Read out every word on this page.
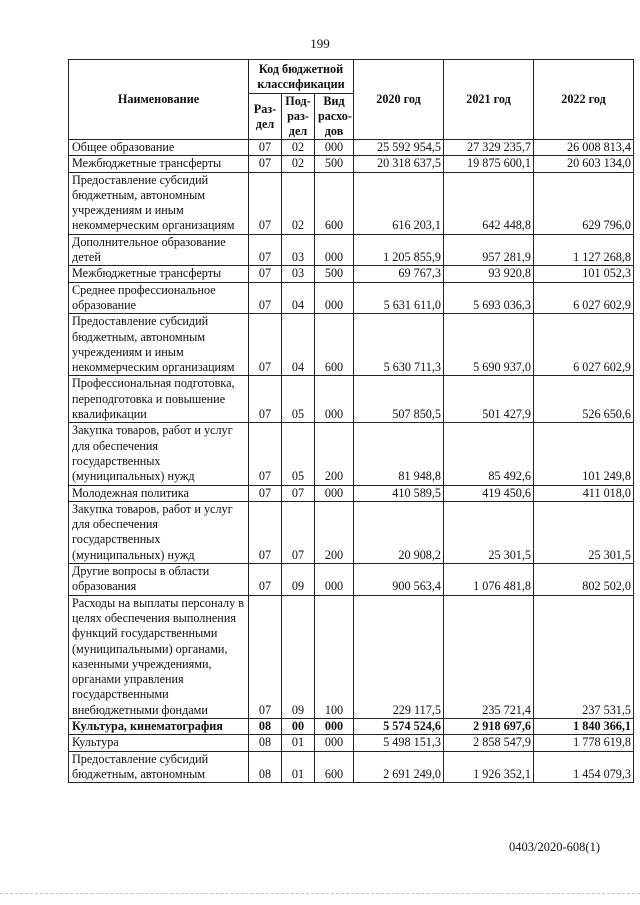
199
Наименование	Код бюджетной классификации			2020 год	2021 год	2022 год
	Раз-дел	Под-раз-дел	Вид расхо-дов			
Общее образование	07	02	000	25 592 954,5	27 329 235,7	26 008 813,4
Межбюджетные трансферты	07	02	500	20 318 637,5	19 875 600,1	20 603 134,0
Предоставление субсидий бюджетным, автономным учреждениям и иным некоммерческим организациям	07	02	600	616 203,1	642 448,8	629 796,0
Дополнительное образование детей	07	03	000	1 205 855,9	957 281,9	1 127 268,8
Межбюджетные трансферты	07	03	500	69 767,3	93 920,8	101 052,3
Среднее профессиональное образование	07	04	000	5 631 611,0	5 693 036,3	6 027 602,9
Предоставление субсидий бюджетным, автономным учреждениям и иным некоммерческим организациям	07	04	600	5 630 711,3	5 690 937,0	6 027 602,9
Профессиональная подготовка, переподготовка и повышение квалификации	07	05	000	507 850,5	501 427,9	526 650,6
Закупка товаров, работ и услуг для обеспечения государственных (муниципальных) нужд	07	05	200	81 948,8	85 492,6	101 249,8
Молодежная политика	07	07	000	410 589,5	419 450,6	411 018,0
Закупка товаров, работ и услуг для обеспечения государственных (муниципальных) нужд	07	07	200	20 908,2	25 301,5	25 301,5
Другие вопросы в области образования	07	09	000	900 563,4	1 076 481,8	802 502,0
Расходы на выплаты персоналу в целях обеспечения выполнения функций государственными (муниципальными) органами, казенными учреждениями, органами управления государственными внебюджетными фондами	07	09	100	229 117,5	235 721,4	237 531,5
Культура, кинематография	08	00	000	5 574 524,6	2 918 697,6	1 840 366,1
Культура	08	01	000	5 498 151,3	2 858 547,9	1 778 619,8
Предоставление субсидий бюджетным, автономным	08	01	600	2 691 249,0	1 926 352,1	1 454 079,3
0403/2020-608(1)
